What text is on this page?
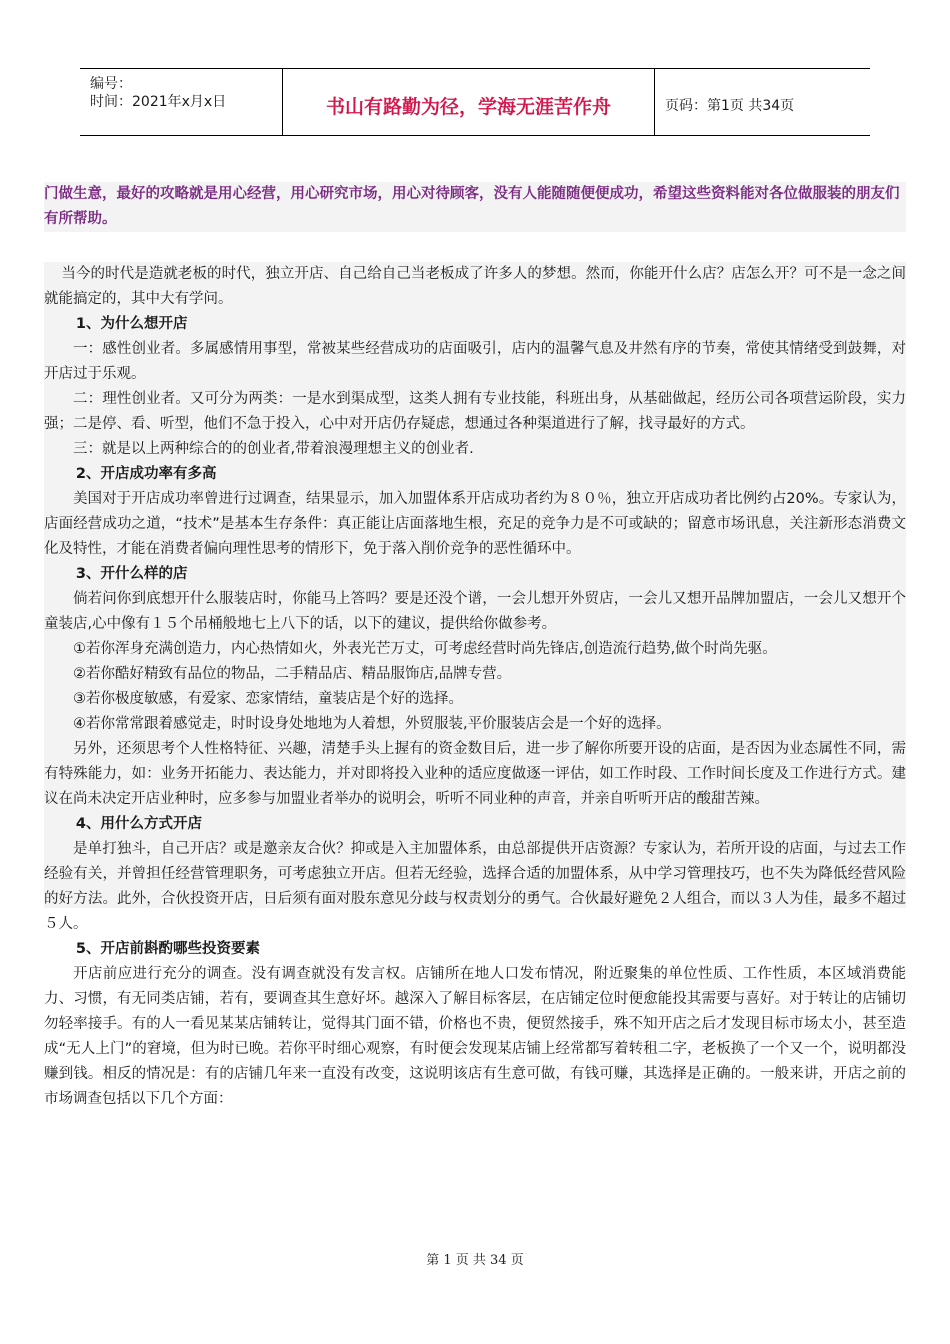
编号：
时间：2021年x月x日	书山有路勤为径，学海无涯苦作舟	页码：第1页 共34页
门做生意，最好的攻略就是用心经营，用心研究市场，用心对待顾客，没有人能随随便便成功，希望这些资料能对各位做服装的朋友们有所帮助。

当今的时代是造就老板的时代，独立开店、自己给自己当老板成了许多人的梦想。然而，你能开什么店？店怎么开？可不是一念之间就能搞定的，其中大有学问。

1、为什么想开店

一：感性创业者。多属感情用事型，常被某些经营成功的店面吸引，店内的温馨气息及井然有序的节奏，常使其情绪受到鼓舞，对开店过于乐观。

二：理性创业者。又可分为两类：一是水到渠成型，这类人拥有专业技能，科班出身，从基础做起，经历公司各项营运阶段，实力强；二是停、看、听型，他们不急于投入，心中对开店仍存疑虑，想通过各种渠道进行了解，找寻最好的方式。

三：就是以上两种综合的的创业者,带着浪漫理想主义的创业者.

2、开店成功率有多高

美国对于开店成功率曾进行过调查，结果显示，加入加盟体系开店成功者约为８０％，独立开店成功者比例约占20%。专家认为，店面经营成功之道，“技术”是基本生存条件：真正能让店面落地生根，充足的竞争力是不可或缺的；留意市场讯息，关注新形态消费文化及特性，才能在消费者偏向理性思考的情形下，免于落入削价竞争的恶性循环中。

3、开什么样的店

倘若问你到底想开什么服装店时，你能马上答吗？要是还没个谱，一会儿想开外贸店，一会儿又想开品牌加盟店，一会儿又想开个童装店,心中像有１５个吊桶般地七上八下的话，以下的建议，提供给你做参考。

①若你浑身充满创造力，内心热情如火，外表光芒万丈，可考虑经营时尚先锋店,创造流行趋势,做个时尚先驱。

②若你酷好精致有品位的物品，二手精品店、精品服饰店,品牌专营。

③若你极度敏感，有爱家、恋家情结，童装店是个好的选择。

④若你常常跟着感觉走，时时设身处地地为人着想，外贸服装,平价服装店会是一个好的选择。

另外，还须思考个人性格特征、兴趣，清楚手头上握有的资金数目后，进一步了解你所要开设的店面，是否因为业态属性不同，需有特殊能力，如：业务开拓能力、表达能力，并对即将投入业种的适应度做逐一评估，如工作时段、工作时间长度及工作进行方式。建议在尚未决定开店业种时，应多参与加盟业者举办的说明会，听听不同业种的声音，并亲自听听开店的酸甜苦辣。

4、用什么方式开店

是单打独斗，自己开店？或是邀亲友合伙？抑或是入主加盟体系，由总部提供开店资源？专家认为，若所开设的店面，与过去工作经验有关，并曾担任经营管理职务，可考虑独立开店。但若无经验，选择合适的加盟体系，从中学习管理技巧，也不失为降低经营风险的好方法。此外，合伙投资开店，日后须有面对股东意见分歧与权责划分的勇气。合伙最好避免２人组合，而以３人为佳，最多不超过５人。

5、开店前斟酌哪些投资要素

开店前应进行充分的调查。没有调查就没有发言权。店铺所在地人口发布情况，附近聚集的单位性质、工作性质，本区域消费能力、习惯，有无同类店铺，若有，要调查其生意好坏。越深入了解目标客层，在店铺定位时便愈能投其需要与喜好。对于转让的店铺切勿轻率接手。有的人一看见某某店铺转让，觉得其门面不错，价格也不贵，便贸然接手，殊不知开店之后才发现目标市场太小，甚至造成“无人上门”的窘境，但为时已晚。若你平时细心观察，有时便会发现某店铺上经常都写着转租二字，老板换了一个又一个，说明都没赚到钱。相反的情况是：有的店铺几年来一直没有改变，这说明该店有生意可做，有钱可赚，其选择是正确的。一般来讲，开店之前的市场调查包括以下几个方面：

第 1 页 共 34 页
